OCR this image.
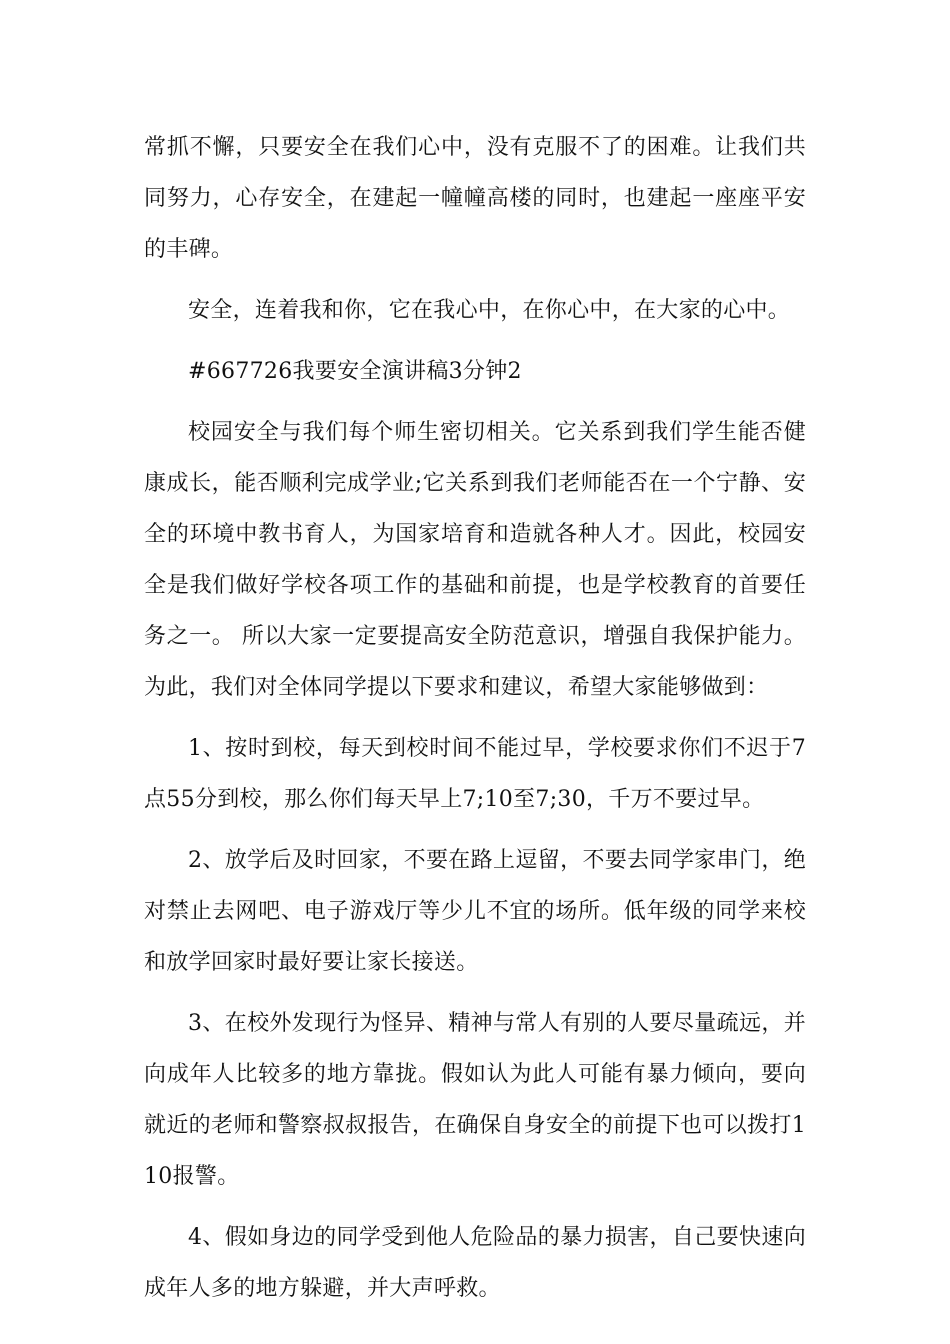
常抓不懈，只要安全在我们心中，没有克服不了的困难。让我们共同努力，心存安全，在建起一幢幢高楼的同时，也建起一座座平安的丰碑。

安全，连着我和你，它在我心中，在你心中，在大家的心中。

#667726我要安全演讲稿3分钟2

校园安全与我们每个师生密切相关。它关系到我们学生能否健康成长，能否顺利完成学业;它关系到我们老师能否在一个宁静、安全的环境中教书育人，为国家培育和造就各种人才。因此，校园安全是我们做好学校各项工作的基础和前提，也是学校教育的首要任务之一。 所以大家一定要提高安全防范意识，增强自我保护能力。为此，我们对全体同学提以下要求和建议，希望大家能够做到：

1、按时到校，每天到校时间不能过早，学校要求你们不迟于7点55分到校，那么你们每天早上7;10至7;30，千万不要过早。

2、放学后及时回家，不要在路上逗留，不要去同学家串门，绝对禁止去网吧、电子游戏厅等少儿不宜的场所。低年级的同学来校和放学回家时最好要让家长接送。

3、在校外发现行为怪异、精神与常人有别的人要尽量疏远，并向成年人比较多的地方靠拢。假如认为此人可能有暴力倾向，要向就近的老师和警察叔叔报告，在确保自身安全的前提下也可以拨打110报警。

4、假如身边的同学受到他人危险品的暴力损害，自己要快速向成年人多的地方躲避，并大声呼救。
